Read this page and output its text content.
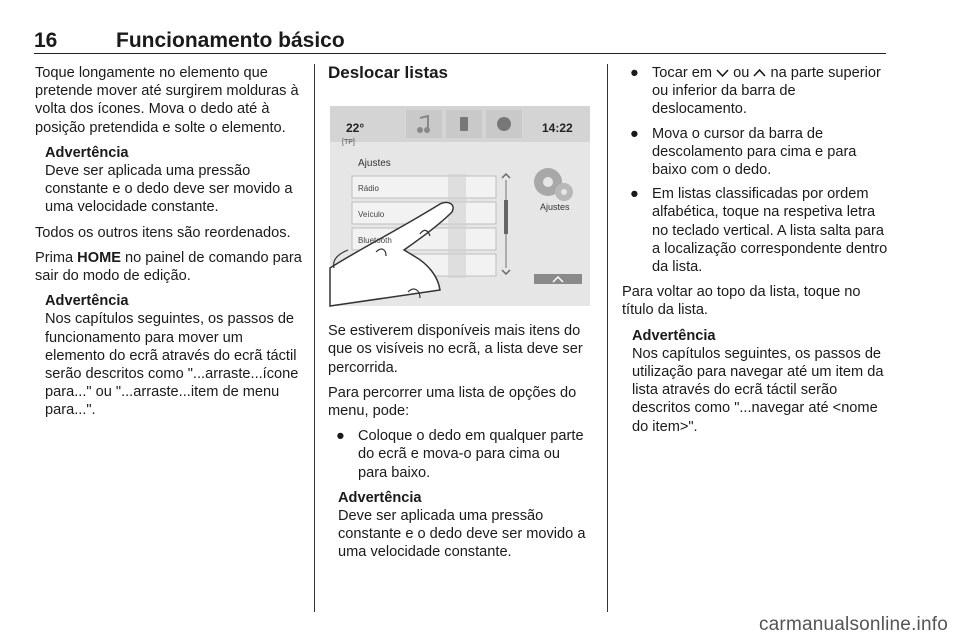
16	Funcionamento básico

Toque longamente no elemento que pretende mover até surgirem molduras à volta dos ícones. Mova o dedo até à posição pretendida e solte o elemento.

Advertência
Deve ser aplicada uma pressão constante e o dedo deve ser movido a uma velocidade constante.

Todos os outros itens são reordenados.

Prima HOME no painel de comando para sair do modo de edição.

Advertência
Nos capítulos seguintes, os passos de funcionamento para mover um elemento do ecrã através do ecrã táctil serão descritos como "...arraste...ícone para..." ou "...arraste...item de menu para...".
Deslocar listas
22°
[TP]
14:22
Ajustes
Rádio
Veículo
Bluetooth
Ajustes

Se estiverem disponíveis mais itens do que os visíveis no ecrã, a lista deve ser percorrida.

Para percorrer uma lista de opções do menu, pode:

● Coloque o dedo em qualquer parte do ecrã e mova-o para cima ou para baixo.
Advertência
Deve ser aplicada uma pressão constante e o dedo deve ser movido a uma velocidade constante.
● Tocar em  ou  na parte superior ou inferior da barra de deslocamento.
● Mova o cursor da barra de descolamento para cima e para baixo com o dedo.
● Em listas classificadas por ordem alfabética, toque na respetiva letra no teclado vertical. A lista salta para a localização correspondente dentro da lista.

Para voltar ao topo da lista, toque no título da lista.

Advertência
Nos capítulos seguintes, os passos de utilização para navegar até um item da lista através do ecrã táctil serão descritos como "...navegar até <nome do item>".
carmanualsonline.info
